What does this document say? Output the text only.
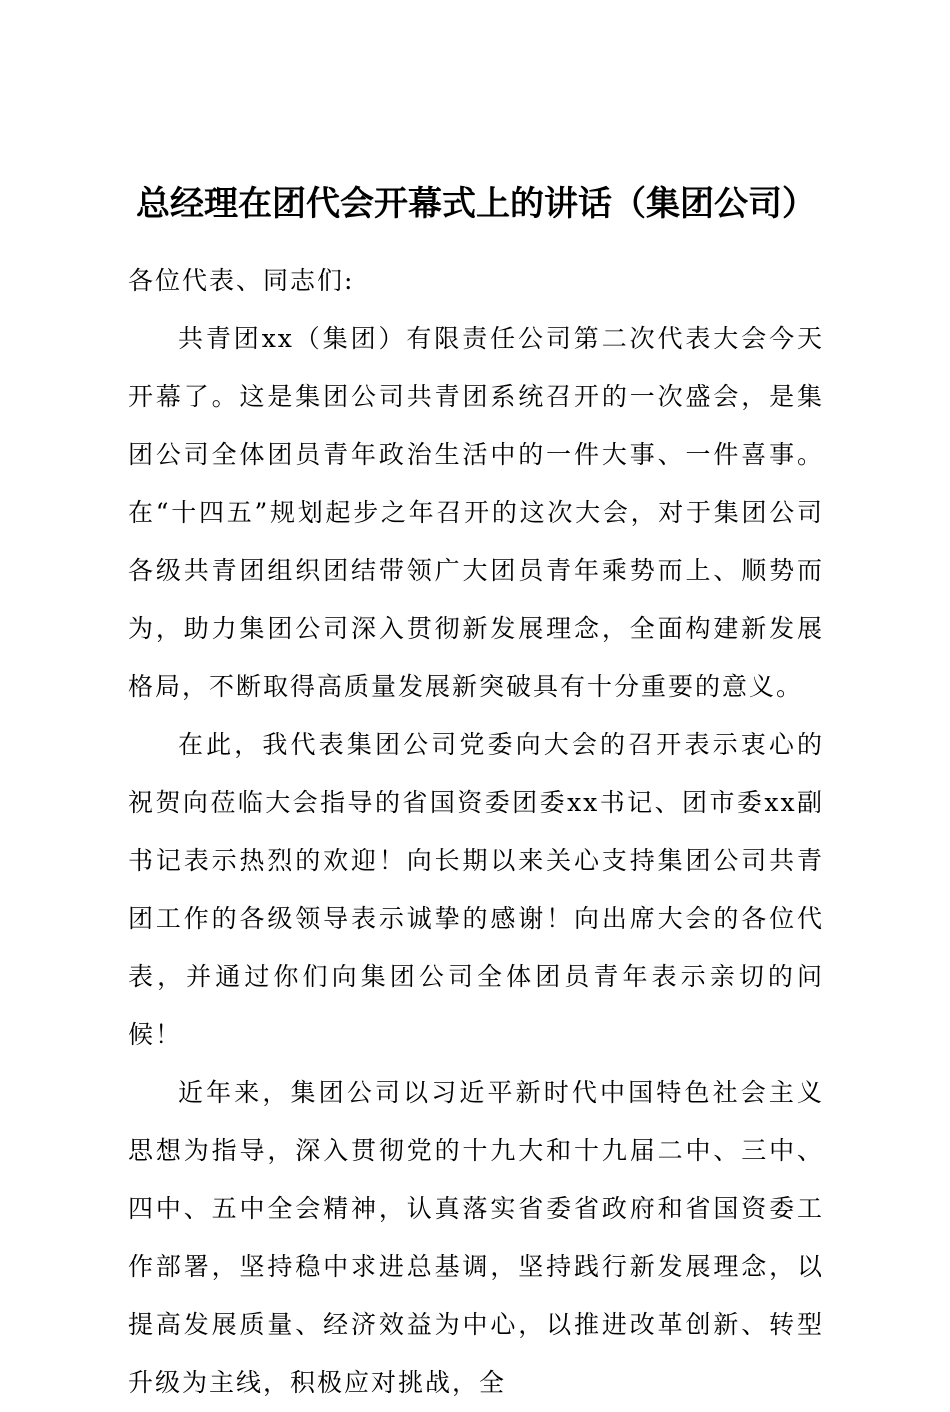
总经理在团代会开幕式上的讲话（集团公司）

各位代表、同志们:

共青团xx（集团）有限责任公司第二次代表大会今天开幕了。这是集团公司共青团系统召开的一次盛会，是集团公司全体团员青年政治生活中的一件大事、一件喜事。在“十四五”规划起步之年召开的这次大会，对于集团公司各级共青团组织团结带领广大团员青年乘势而上、顺势而为，助力集团公司深入贯彻新发展理念，全面构建新发展格局，不断取得高质量发展新突破具有十分重要的意义。

在此，我代表集团公司党委向大会的召开表示衷心的祝贺向莅临大会指导的省国资委团委xx书记、团市委xx副书记表示热烈的欢迎！向长期以来关心支持集团公司共青团工作的各级领导表示诚挚的感谢！向出席大会的各位代表，并通过你们向集团公司全体团员青年表示亲切的问候！

近年来，集团公司以习近平新时代中国特色社会主义思想为指导，深入贯彻党的十九大和十九届二中、三中、四中、五中全会精神，认真落实省委省政府和省国资委工作部署，坚持稳中求进总基调，坚持践行新发展理念，以提高发展质量、经济效益为中心，以推进改革创新、转型升级为主线，积极应对挑战，全
